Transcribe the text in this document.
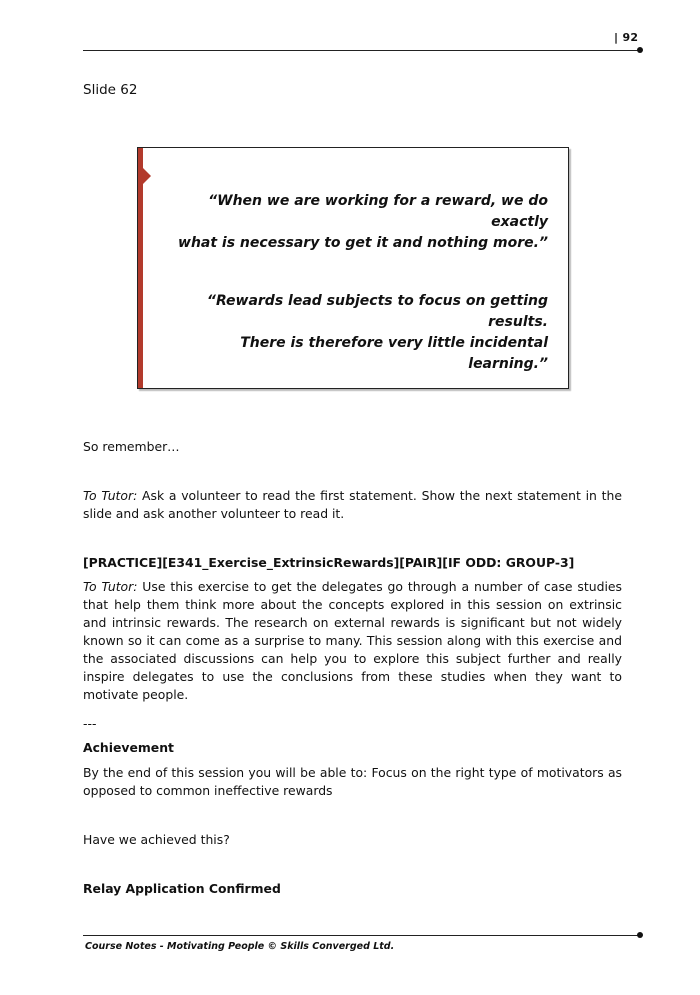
| 92
Slide 62
“When we are working for a reward, we do exactly
what is necessary to get it and nothing more.”
“Rewards lead subjects to focus on getting results.
There is therefore very little incidental learning.”
So remember…
To Tutor: Ask a volunteer to read the first statement. Show the next statement in the slide and ask another volunteer to read it.
[PRACTICE][E341_Exercise_ExtrinsicRewards][PAIR][IF ODD: GROUP-3]
To Tutor: Use this exercise to get the delegates go through a number of case studies that help them think more about the concepts explored in this session on extrinsic and intrinsic rewards. The research on external rewards is significant but not widely known so it can come as a surprise to many. This session along with this exercise and the associated discussions can help you to explore this subject further and really inspire delegates to use the conclusions from these studies when they want to motivate people.
---
Achievement
By the end of this session you will be able to: Focus on the right type of motivators as opposed to common ineffective rewards
Have we achieved this?
Relay Application Confirmed
Course Notes - Motivating People © Skills Converged Ltd.
